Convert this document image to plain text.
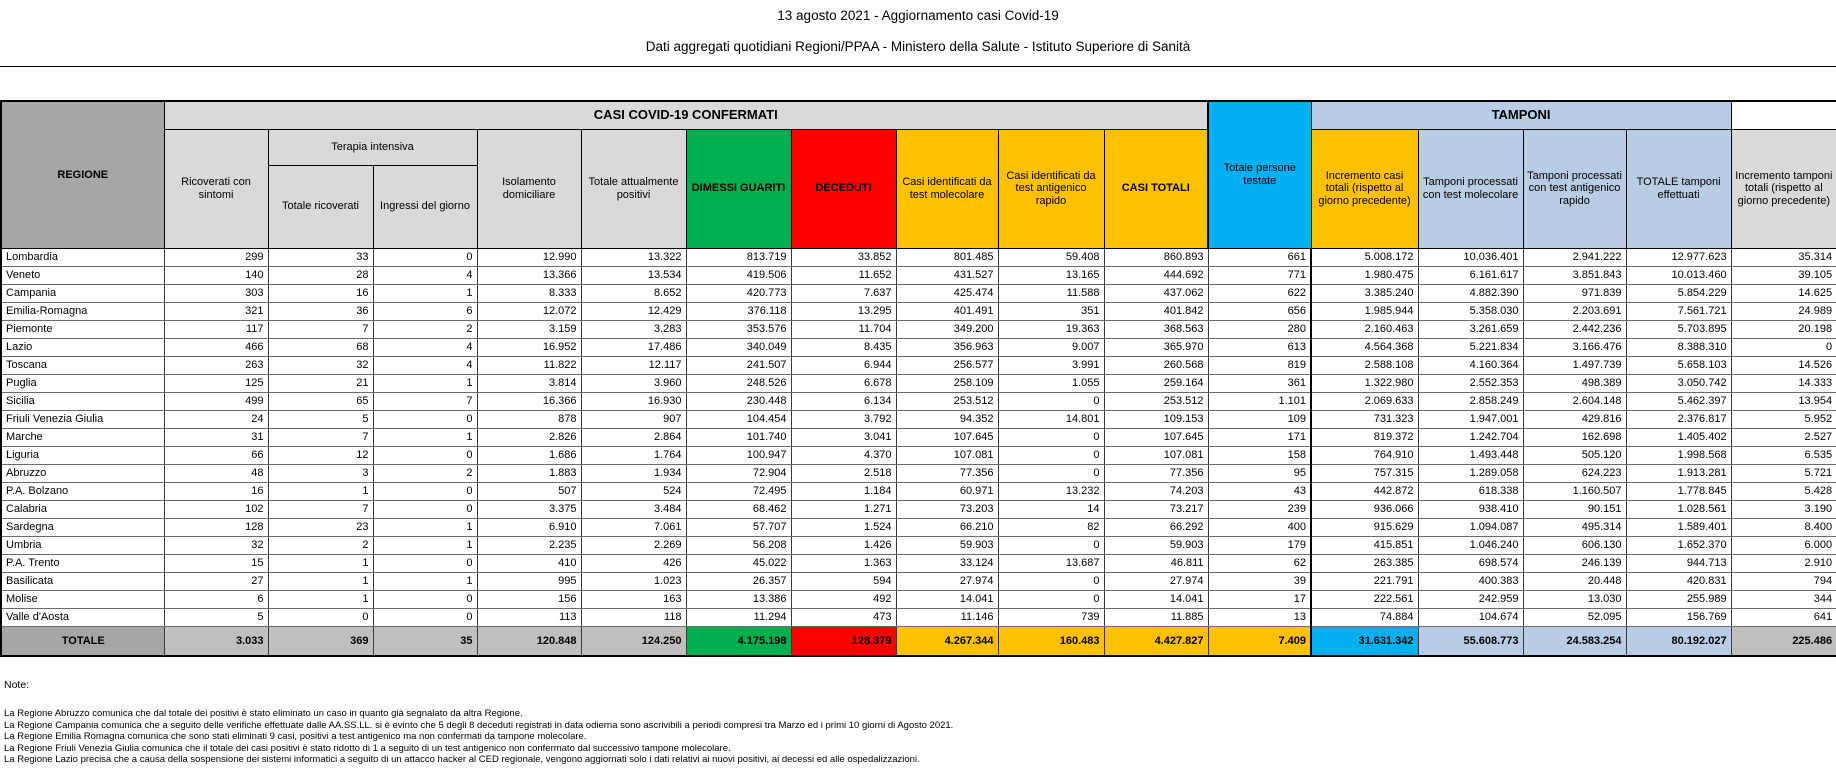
13 agosto 2021 - Aggiornamento casi Covid-19
Dati aggregati quotidiani Regioni/PPAA - Ministero della Salute - Istituto Superiore di Sanità
REGIONE	CASI COVID-19 CONFERMATI										Totale persone testate	TAMPONI				
	Ricoverati con sintomi	Terapia intensiva		Isolamento domiciliare	Totale attualmente positivi	DIMESSI GUARITI	DECEDUTI	Casi identificati da test molecolare	Casi identificati da test antigenico rapido	CASI TOTALI		Incremento casi totali (rispetto al giorno precedente)	Tamponi processati con test molecolare	Tamponi processati con test antigenico rapido	TOTALE tamponi effettuati	Incremento tamponi totali (rispetto al giorno precedente)
		Totale ricoverati	Ingressi del giorno													
Lombardia	299	33	0	12.990	13.322	813.719	33.852	801.485	59.408	860.893	661	5.008.172	10.036.401	2.941.222	12.977.623	35.314
Veneto	140	28	4	13.366	13.534	419.506	11.652	431.527	13.165	444.692	771	1.980.475	6.161.617	3.851.843	10.013.460	39.105
Campania	303	16	1	8.333	8.652	420.773	7.637	425.474	11.588	437.062	622	3.385.240	4.882.390	971.839	5.854.229	14.625
Emilia-Romagna	321	36	6	12.072	12.429	376.118	13.295	401.491	351	401.842	656	1.985.944	5.358.030	2.203.691	7.561.721	24.989
Piemonte	117	7	2	3.159	3.283	353.576	11.704	349.200	19.363	368.563	280	2.160.463	3.261.659	2.442.236	5.703.895	20.198
Lazio	466	68	4	16.952	17.486	340.049	8.435	356.963	9.007	365.970	613	4.564.368	5.221.834	3.166.476	8.388.310	0
Toscana	263	32	4	11.822	12.117	241.507	6.944	256.577	3.991	260.568	819	2.588.108	4.160.364	1.497.739	5.658.103	14.526
Puglia	125	21	1	3.814	3.960	248.526	6.678	258.109	1.055	259.164	361	1.322.980	2.552.353	498.389	3.050.742	14.333
Sicilia	499	65	7	16.366	16.930	230.448	6.134	253.512	0	253.512	1.101	2.069.633	2.858.249	2.604.148	5.462.397	13.954
Friuli Venezia Giulia	24	5	0	878	907	104.454	3.792	94.352	14.801	109.153	109	731.323	1.947.001	429.816	2.376.817	5.952
Marche	31	7	1	2.826	2.864	101.740	3.041	107.645	0	107.645	171	819.372	1.242.704	162.698	1.405.402	2.527
Liguria	66	12	0	1.686	1.764	100.947	4.370	107.081	0	107.081	158	764.910	1.493.448	505.120	1.998.568	6.535
Abruzzo	48	3	2	1.883	1.934	72.904	2.518	77.356	0	77.356	95	757.315	1.289.058	624.223	1.913.281	5.721
P.A. Bolzano	16	1	0	507	524	72.495	1.184	60.971	13.232	74.203	43	442.872	618.338	1.160.507	1.778.845	5.428
Calabria	102	7	0	3.375	3.484	68.462	1.271	73.203	14	73.217	239	936.066	938.410	90.151	1.028.561	3.190
Sardegna	128	23	1	6.910	7.061	57.707	1.524	66.210	82	66.292	400	915.629	1.094.087	495.314	1.589.401	8.400
Umbria	32	2	1	2.235	2.269	56.208	1.426	59.903	0	59.903	179	415.851	1.046.240	606.130	1.652.370	6.000
P.A. Trento	15	1	0	410	426	45.022	1.363	33.124	13.687	46.811	62	263.385	698.574	246.139	944.713	2.910
Basilicata	27	1	1	995	1.023	26.357	594	27.974	0	27.974	39	221.791	400.383	20.448	420.831	794
Molise	6	1	0	156	163	13.386	492	14.041	0	14.041	17	222.561	242.959	13.030	255.989	344
Valle d'Aosta	5	0	0	113	118	11.294	473	11.146	739	11.885	13	74.884	104.674	52.095	156.769	641
TOTALE	3.033	369	35	120.848	124.250	4.175.198	128.379	4.267.344	160.483	4.427.827	7.409	31.631.342	55.608.773	24.583.254	80.192.027	225.486
Note:
La Regione Abruzzo comunica che dal totale dei positivi è stato eliminato un caso in quanto già segnalato da altra Regione.
La Regione Campania comunica che a seguito delle verifiche effettuate dalle AA.SS.LL. si è evinto che 5 degli 8 deceduti registrati in data odierna sono ascrivibili a periodi compresi tra Marzo ed i primi 10 giorni di Agosto 2021.
La Regione Emilia Romagna comunica che sono stati eliminati 9 casi, positivi a test antigenico ma non confermati da tampone molecolare.
La Regione Friuli Venezia Giulia comunica che il totale dei casi positivi è stato ridotto di 1 a seguito di un test antigenico non confermato dal successivo tampone molecolare.
La Regione Lazio precisa che a causa della sospensione dei sistemi informatici a seguito di un attacco hacker al CED regionale, vengono aggiornati solo i dati relativi ai nuovi positivi, ai decessi ed alle ospedalizzazioni.
